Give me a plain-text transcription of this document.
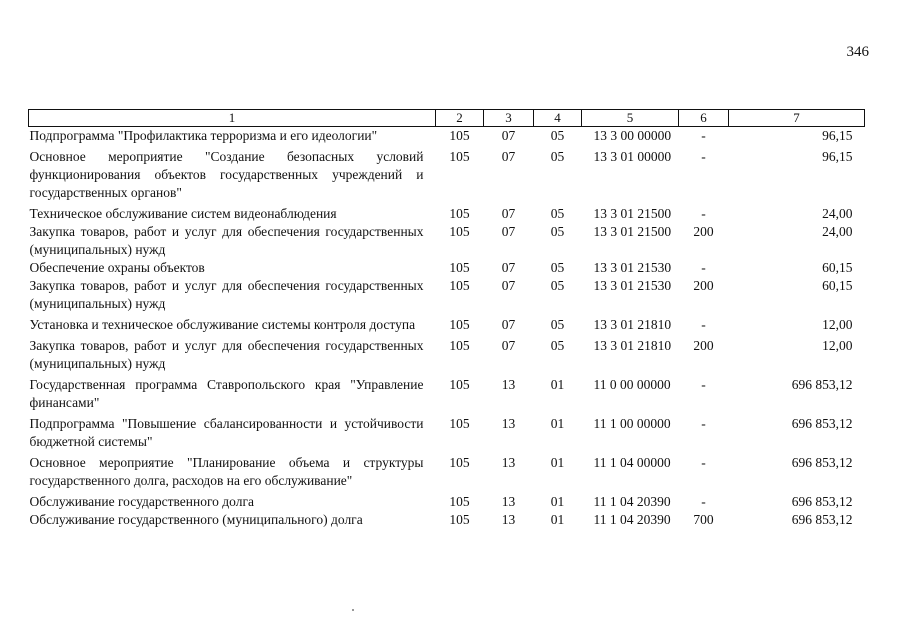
346
1	2	3	4	5	6	7
Подпрограмма "Профилактика терроризма и его идеологии"	105	07	05	13 3 00 00000	-	96,15
Основное мероприятие "Создание безопасных условий функционирования объектов государственных учреждений и государственных органов"	105	07	05	13 3 01 00000	-	96,15
Техническое обслуживание систем видеонаблюдения	105	07	05	13 3 01 21500	-	24,00
Закупка товаров, работ и услуг для обеспечения государственных (муниципальных) нужд	105	07	05	13 3 01 21500	200	24,00
Обеспечение охраны объектов	105	07	05	13 3 01 21530	-	60,15
Закупка товаров, работ и услуг для обеспечения государственных (муниципальных) нужд	105	07	05	13 3 01 21530	200	60,15
Установка и техническое обслуживание системы контроля доступа	105	07	05	13 3 01 21810	-	12,00
Закупка товаров, работ и услуг для обеспечения государственных (муниципальных) нужд	105	07	05	13 3 01 21810	200	12,00
Государственная программа Ставропольского края "Управление финансами"	105	13	01	11 0 00 00000	-	696 853,12
Подпрограмма "Повышение сбалансированности и устойчивости бюджетной системы"	105	13	01	11 1 00 00000	-	696 853,12
Основное мероприятие "Планирование объема и структуры государственного долга, расходов на его обслуживание"	105	13	01	11 1 04 00000	-	696 853,12
Обслуживание государственного долга	105	13	01	11 1 04 20390	-	696 853,12
Обслуживание государственного (муниципального) долга	105	13	01	11 1 04 20390	700	696 853,12
